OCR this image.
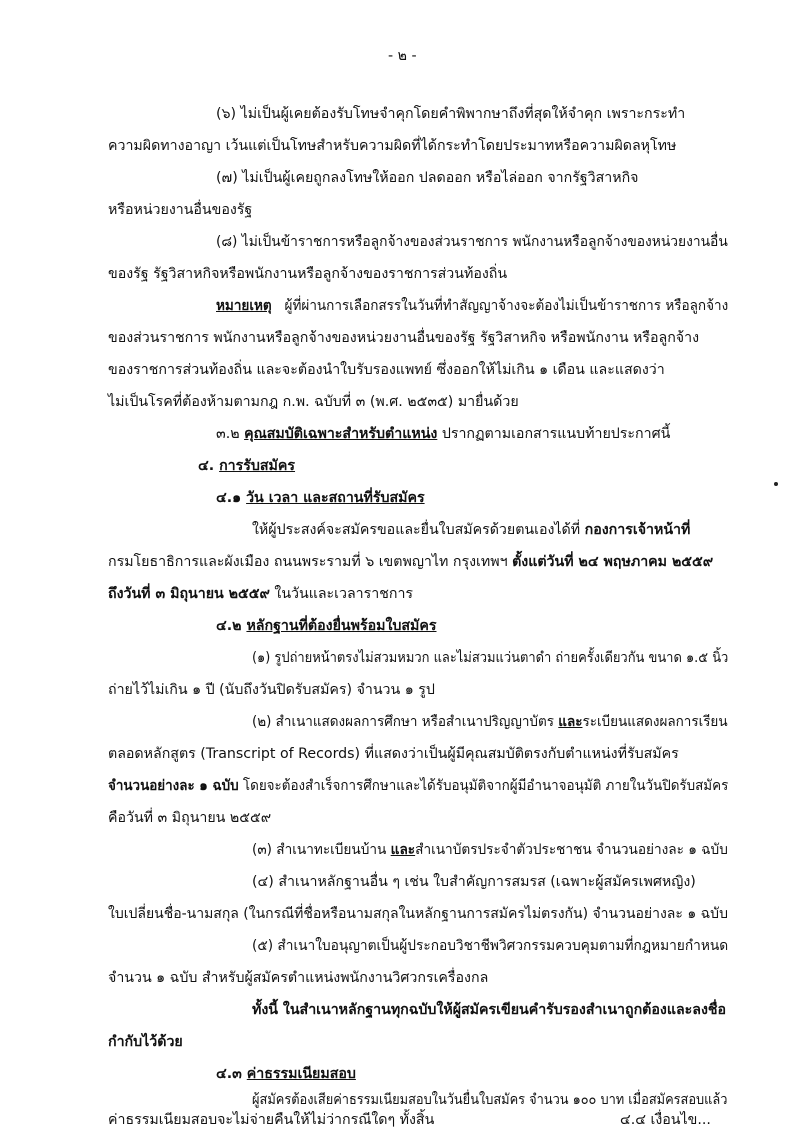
- ๒ -
(๖) ไม่เป็นผู้เคยต้องรับโทษจำคุกโดยคำพิพากษาถึงที่สุดให้จำคุก เพราะกระทำ
ความผิดทางอาญา เว้นแต่เป็นโทษสำหรับความผิดที่ได้กระทำโดยประมาทหรือความผิดลหุโทษ
(๗) ไม่เป็นผู้เคยถูกลงโทษให้ออก ปลดออก หรือไล่ออก จากรัฐวิสาหกิจ
หรือหน่วยงานอื่นของรัฐ
(๘) ไม่เป็นข้าราชการหรือลูกจ้างของส่วนราชการ พนักงานหรือลูกจ้างของหน่วยงานอื่น
ของรัฐ รัฐวิสาหกิจหรือพนักงานหรือลูกจ้างของราชการส่วนท้องถิ่น
หมายเหตุ ผู้ที่ผ่านการเลือกสรรในวันที่ทำสัญญาจ้างจะต้องไม่เป็นข้าราชการ หรือลูกจ้าง
ของส่วนราชการ พนักงานหรือลูกจ้างของหน่วยงานอื่นของรัฐ รัฐวิสาหกิจ หรือพนักงาน หรือลูกจ้าง
ของราชการส่วนท้องถิ่น และจะต้องนำใบรับรองแพทย์ ซึ่งออกให้ไม่เกิน ๑ เดือน และแสดงว่า
ไม่เป็นโรคที่ต้องห้ามตามกฎ ก.พ. ฉบับที่ ๓ (พ.ศ. ๒๕๓๕) มายื่นด้วย
๓.๒ คุณสมบัติเฉพาะสำหรับตำแหน่ง ปรากฏตามเอกสารแนบท้ายประกาศนี้
๔. การรับสมัคร
๔.๑ วัน เวลา และสถานที่รับสมัคร
ให้ผู้ประสงค์จะสมัครขอและยื่นใบสมัครด้วยตนเองได้ที่ กองการเจ้าหน้าที่
กรมโยธาธิการและผังเมือง ถนนพระรามที่ ๖ เขตพญาไท กรุงเทพฯ ตั้งแต่วันที่ ๒๔ พฤษภาคม ๒๕๕๙
ถึงวันที่ ๓ มิถุนายน ๒๕๕๙ ในวันและเวลาราชการ
๔.๒ หลักฐานที่ต้องยื่นพร้อมใบสมัคร
(๑) รูปถ่ายหน้าตรงไม่สวมหมวก และไม่สวมแว่นตาดำ ถ่ายครั้งเดียวกัน ขนาด ๑.๕ นิ้ว
ถ่ายไว้ไม่เกิน ๑ ปี (นับถึงวันปิดรับสมัคร) จำนวน ๑ รูป
(๒) สำเนาแสดงผลการศึกษา หรือสำเนาปริญญาบัตร และระเบียนแสดงผลการเรียน
ตลอดหลักสูตร (Transcript of Records) ที่แสดงว่าเป็นผู้มีคุณสมบัติตรงกับตำแหน่งที่รับสมัคร
จำนวนอย่างละ ๑ ฉบับ โดยจะต้องสำเร็จการศึกษาและได้รับอนุมัติจากผู้มีอำนาจอนุมัติ ภายในวันปิดรับสมัคร
คือวันที่ ๓ มิถุนายน ๒๕๕๙
(๓) สำเนาทะเบียนบ้าน และสำเนาบัตรประจำตัวประชาชน จำนวนอย่างละ ๑ ฉบับ
(๔) สำเนาหลักฐานอื่น ๆ เช่น ใบสำคัญการสมรส (เฉพาะผู้สมัครเพศหญิง)
ใบเปลี่ยนชื่อ-นามสกุล (ในกรณีที่ชื่อหรือนามสกุลในหลักฐานการสมัครไม่ตรงกัน) จำนวนอย่างละ ๑ ฉบับ
(๕) สำเนาใบอนุญาตเป็นผู้ประกอบวิชาชีพวิศวกรรมควบคุมตามที่กฎหมายกำหนด
จำนวน ๑ ฉบับ สำหรับผู้สมัครตำแหน่งพนักงานวิศวกรเครื่องกล
ทั้งนี้ ในสำเนาหลักฐานทุกฉบับให้ผู้สมัครเขียนคำรับรองสำเนาถูกต้องและลงชื่อ
กำกับไว้ด้วย
๔.๓ ค่าธรรมเนียมสอบ
ผู้สมัครต้องเสียค่าธรรมเนียมสอบในวันยื่นใบสมัคร จำนวน ๑๐๐ บาท เมื่อสมัครสอบแล้ว
ค่าธรรมเนียมสอบจะไม่จ่ายคืนให้ไม่ว่ากรณีใดๆ ทั้งสิ้น	๔.๔ เงื่อนไข...
